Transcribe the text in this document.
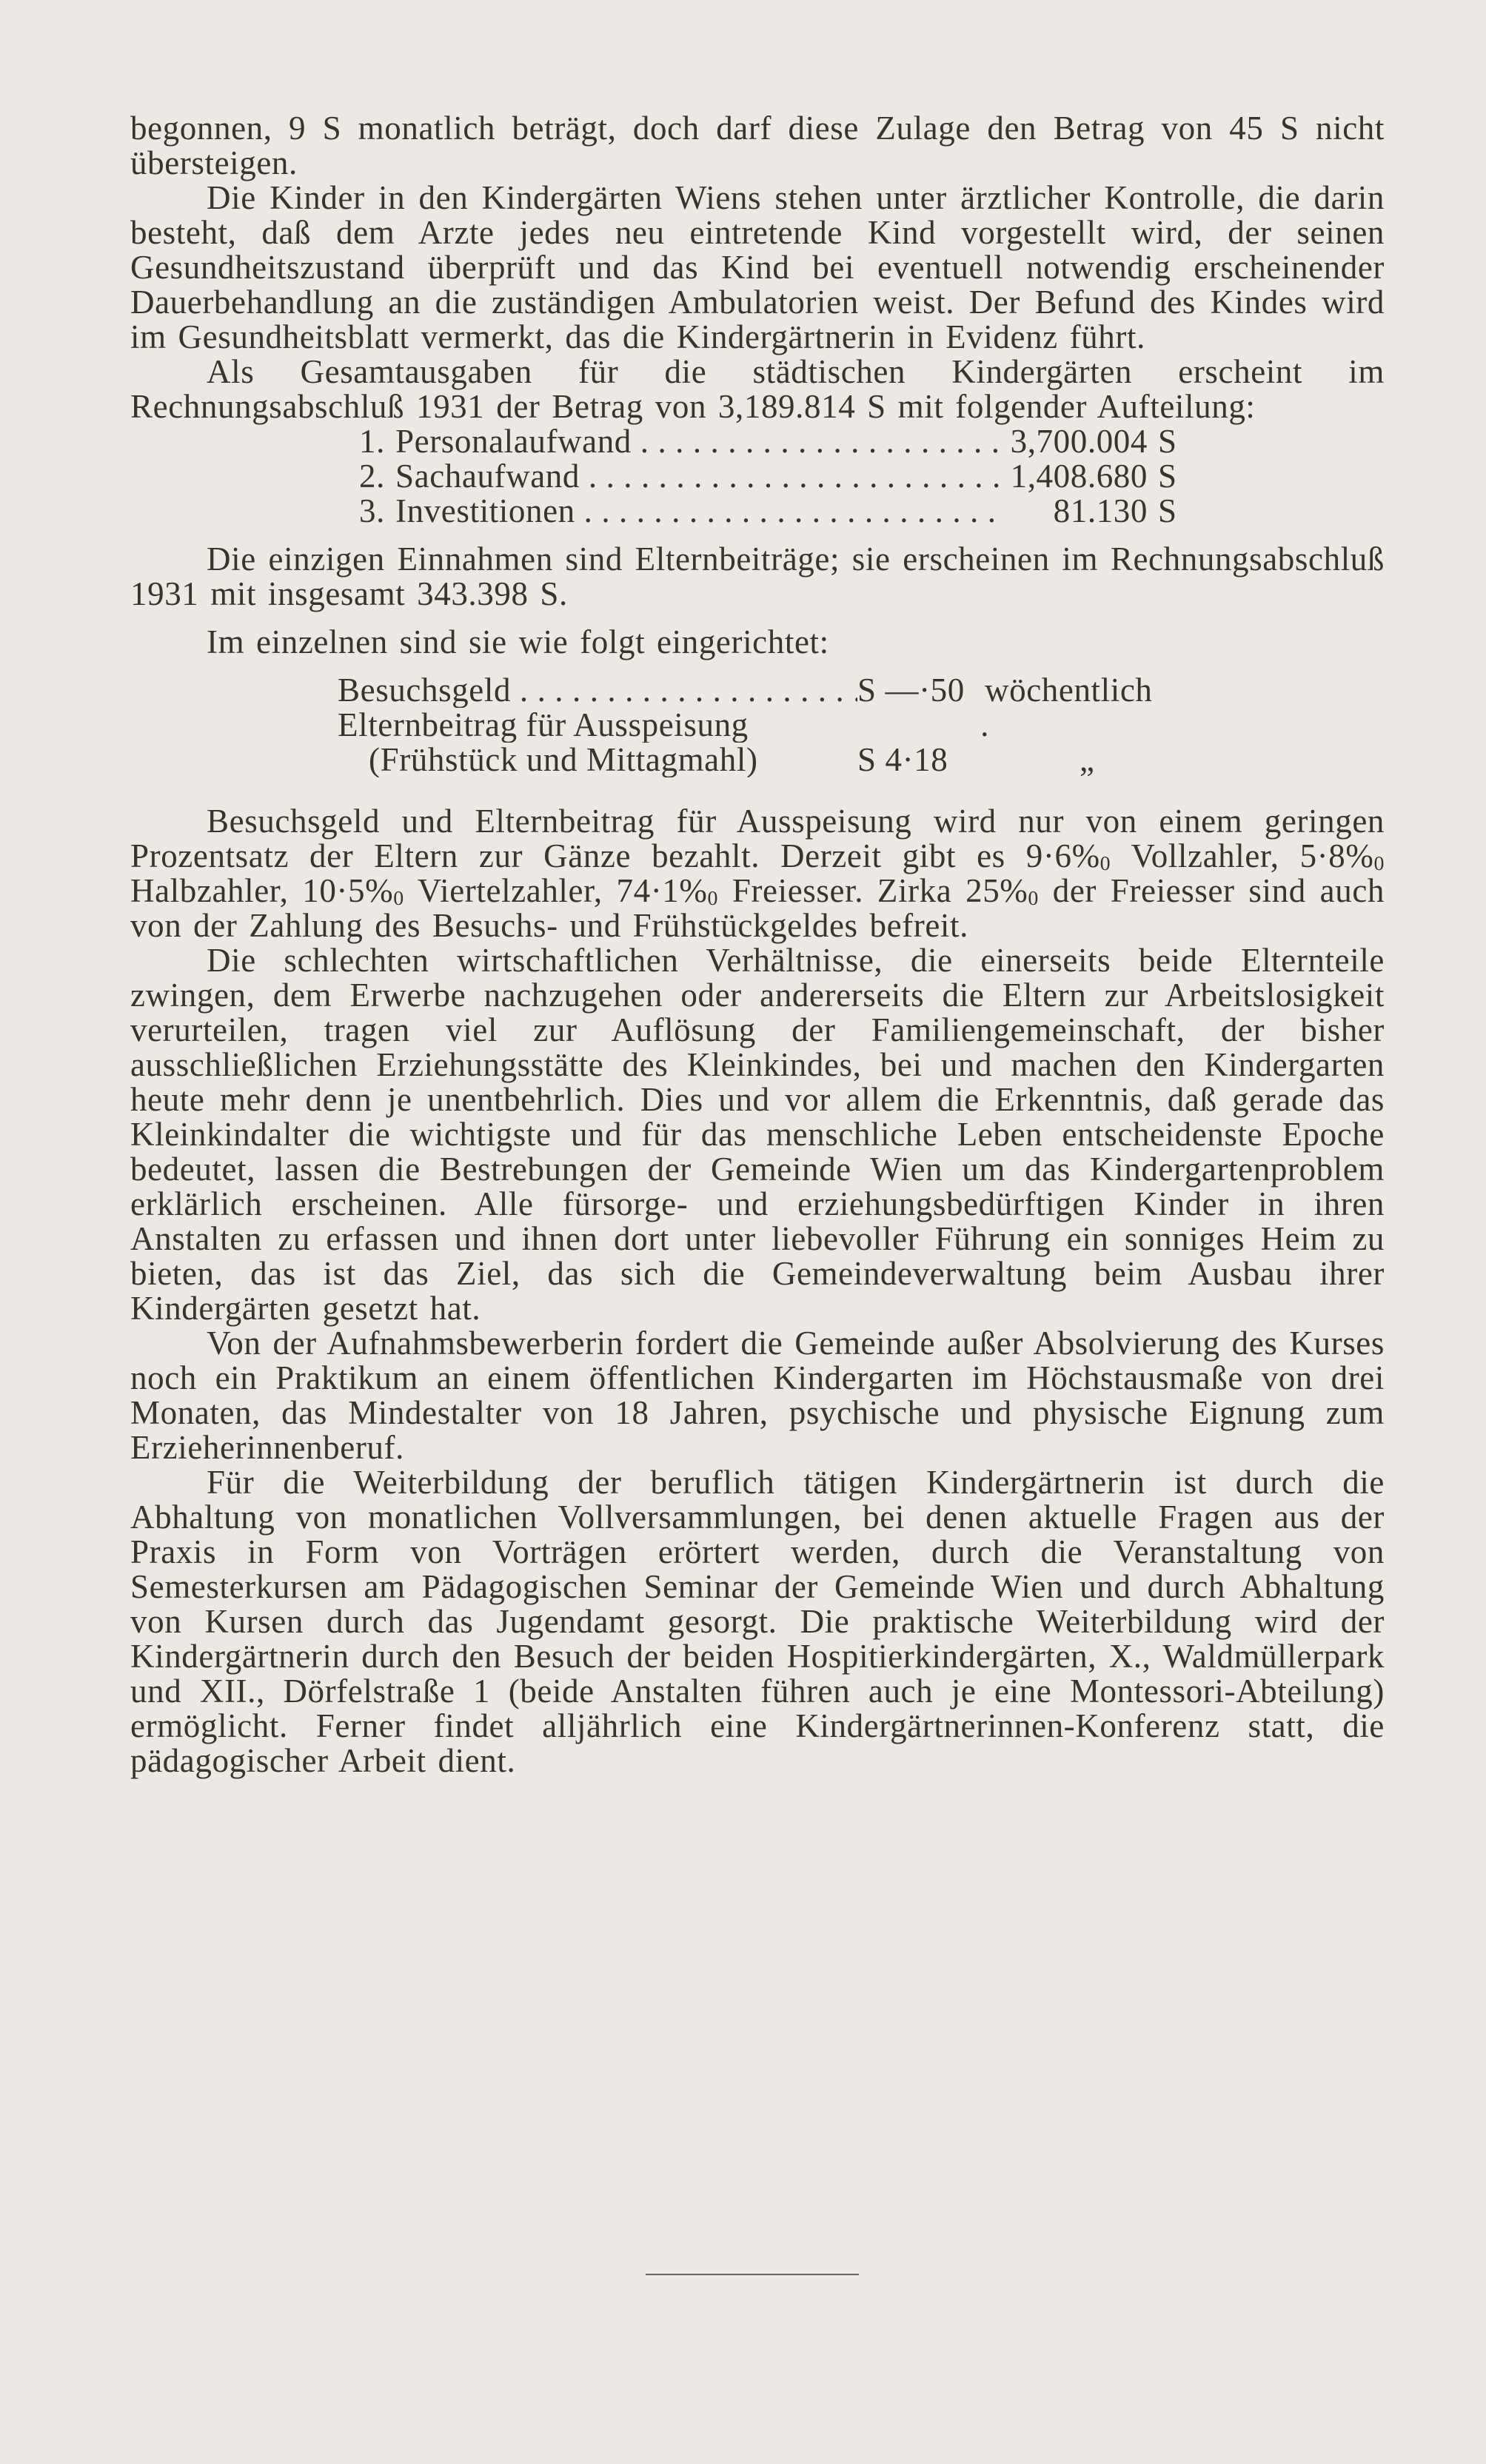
begonnen, 9 S monatlich beträgt, doch darf diese Zulage den Betrag von 45 S nicht übersteigen.

Die Kinder in den Kindergärten Wiens stehen unter ärztlicher Kontrolle, die darin besteht, daß dem Arzte jedes neu eintretende Kind vorgestellt wird, der seinen Gesundheitszustand überprüft und das Kind bei eventuell notwendig erscheinender Dauerbehandlung an die zuständigen Ambulatorien weist. Der Befund des Kindes wird im Gesundheitsblatt vermerkt, das die Kindergärtnerin in Evidenz führt.

Als Gesamtausgaben für die städtischen Kindergärten erscheint im Rechnungsabschluß 1931 der Betrag von 3,189.814 S mit folgender Aufteilung:

1. Personalaufwand . . .	3,700.004 S
2. Sachaufwand . . .	1,408.680 S
3. Investitionen . . .	81.130 S

Die einzigen Einnahmen sind Elternbeiträge; sie erscheinen im Rechnungsabschluß 1931 mit insgesamt 343.398 S.

Im einzelnen sind sie wie folgt eingerichtet:

Besuchsgeld . . .	S —·50 wöchentlich
Elternbeitrag für Ausspeisung	.
(Frühstück und Mittagmahl)	S 4·18	„

Besuchsgeld und Elternbeitrag für Ausspeisung wird nur von einem geringen Prozentsatz der Eltern zur Gänze bezahlt. Derzeit gibt es $9\cdot 6\%_0$ Vollzahler, $5\cdot 8\%_0$ Halbzahler, $10\cdot 5\%_0$ Viertelzahler, $74\cdot 1\%_0$ Freiesser. Zirka $25\%_0$ der Freiesser sind auch von der Zahlung des Besuchs- und Frühstückgeldes befreit.

Die schlechten wirtschaftlichen Verhältnisse, die einerseits beide Elternteile zwingen, dem Erwerbe nachzugehen oder andererseits die Eltern zur Arbeitslosigkeit verurteilen, tragen viel zur Auflösung der Familiengemeinschaft, der bisher ausschließlichen Erziehungsstätte des Kleinkindes, bei und machen den Kindergarten heute mehr denn je unentbehrlich. Dies und vor allem die Erkenntnis, daß gerade das Kleinkindalter die wichtigste und für das menschliche Leben entscheidenste Epoche bedeutet, lassen die Bestrebungen der Gemeinde Wien um das Kindergartenproblem erklärlich erscheinen. Alle fürsorge- und erziehungsbedürftigen Kinder in ihren Anstalten zu erfassen und ihnen dort unter liebevoller Führung ein sonniges Heim zu bieten, das ist das Ziel, das sich die Gemeindeverwaltung beim Ausbau ihrer Kindergärten gesetzt hat.

Von der Aufnahmsbewerberin fordert die Gemeinde außer Absolvierung des Kurses noch ein Praktikum an einem öffentlichen Kindergarten im Höchstausmaße von drei Monaten, das Mindestalter von 18 Jahren, psychische und physische Eignung zum Erzieherinnenberuf.

Für die Weiterbildung der beruflich tätigen Kindergärtnerin ist durch die Abhaltung von monatlichen Vollversammlungen, bei denen aktuelle Fragen aus der Praxis in Form von Vorträgen erörtert werden, durch die Veranstaltung von Semesterkursen am Pädagogischen Seminar der Gemeinde Wien und durch Abhaltung von Kursen durch das Jugendamt gesorgt. Die praktische Weiterbildung wird der Kindergärtnerin durch den Besuch der beiden Hospitierkindergärten, X., Waldmüllerpark und XII., Dörfelstraße 1 (beide Anstalten führen auch je eine Montessori-Abteilung) ermöglicht. Ferner findet alljährlich eine Kindergärtnerinnen-Konferenz statt, die pädagogischer Arbeit dient.
